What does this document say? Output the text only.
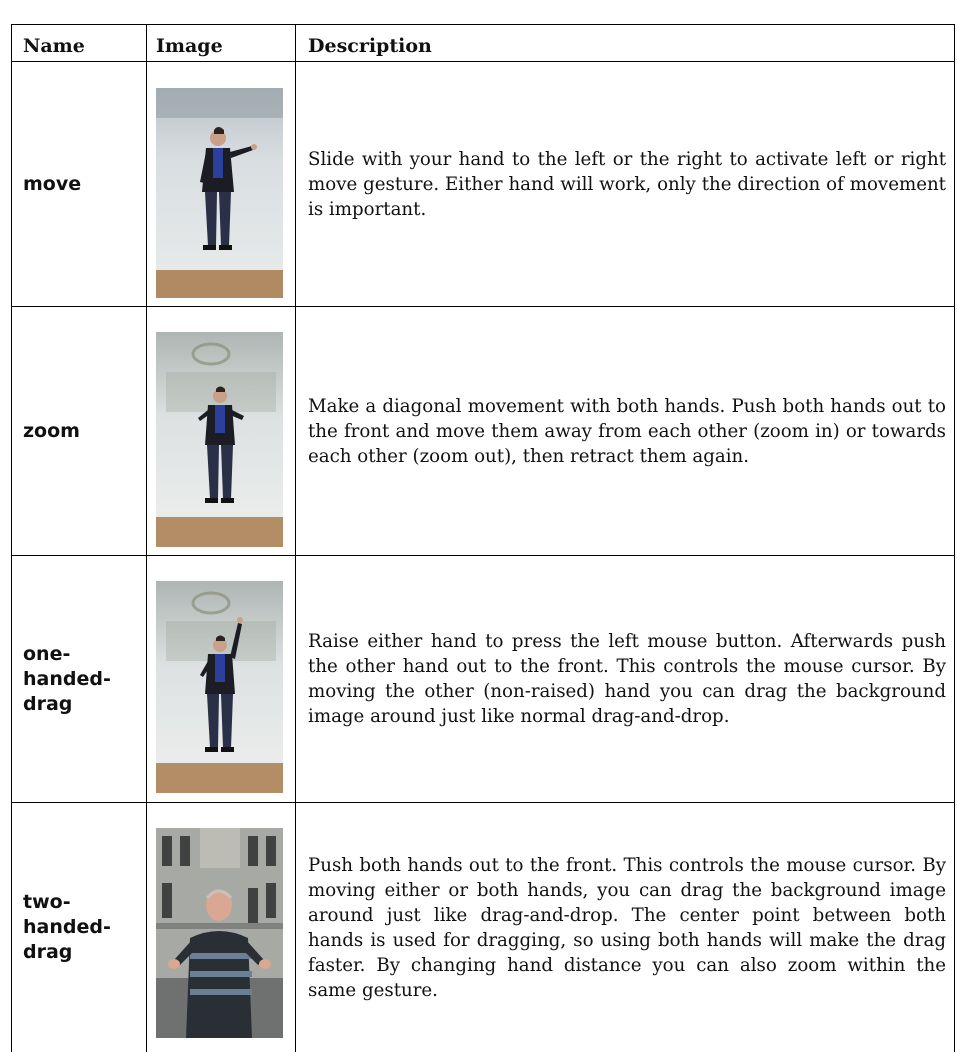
Name	Image	Description
move

Slide with your hand to the left or the right to activate left or right move gesture. Either hand will work, only the direction of movement is important.

zoom

Make a diagonal movement with both hands. Push both hands out to the front and move them away from each other (zoom in) or towards each other (zoom out), then retract them again.

one-
handed-
drag

Raise either hand to press the left mouse button. Afterwards push the other hand out to the front. This controls the mouse cursor. By moving the other (non-raised) hand you can drag the background image around just like normal drag-and-drop.

two-
handed-
drag

Push both hands out to the front. This controls the mouse cursor. By moving either or both hands, you can drag the background image around just like drag-and-drop. The center point between both hands is used for dragging, so using both hands will make the drag faster. By changing hand distance you can also zoom within the same gesture.
